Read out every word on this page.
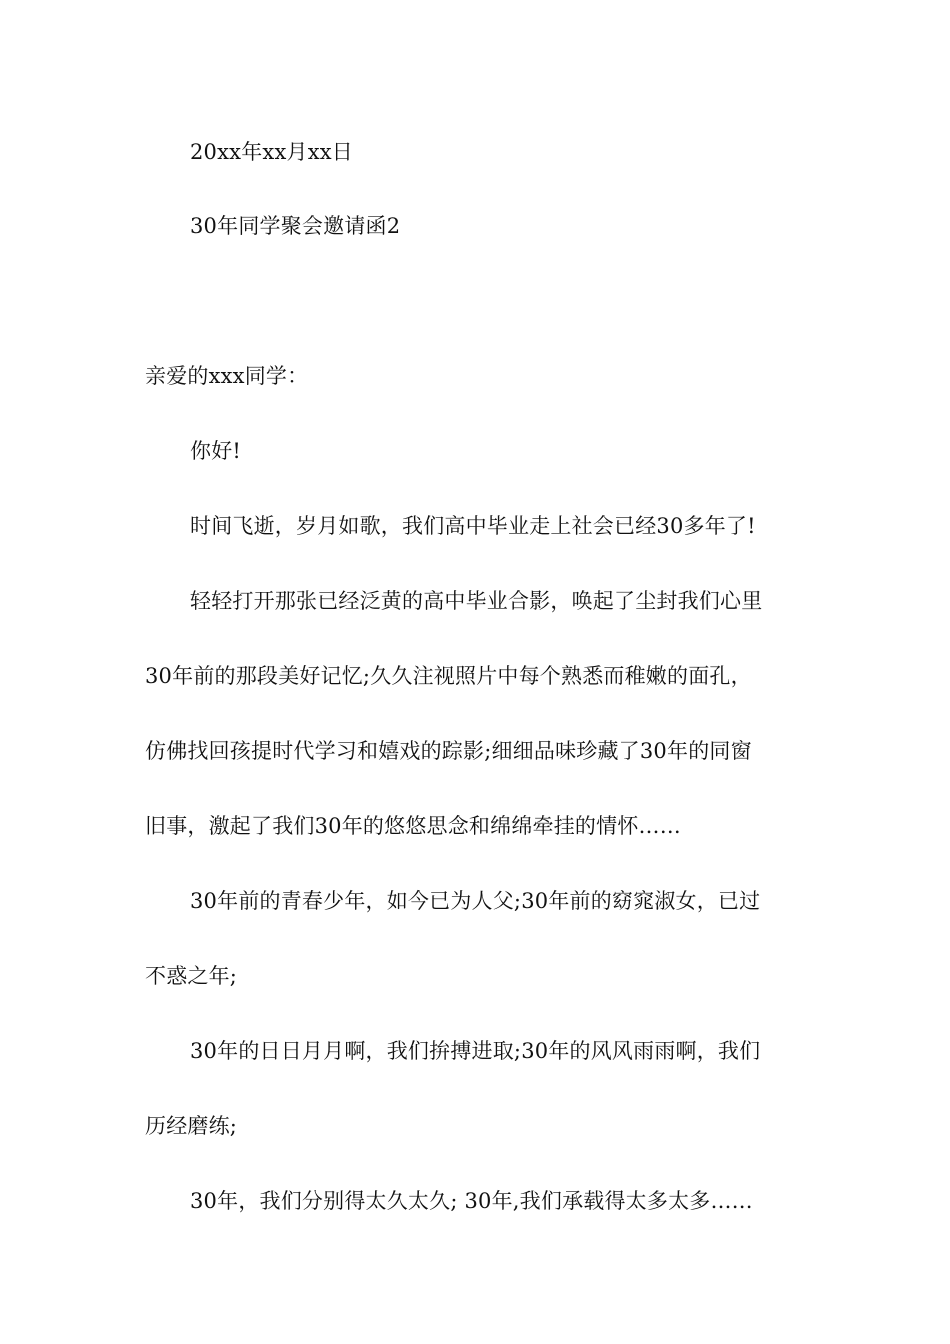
20xx年xx月xx日
30年同学聚会邀请函2
亲爱的xxx同学：
你好!
时间飞逝，岁月如歌，我们高中毕业走上社会已经30多年了!
轻轻打开那张已经泛黄的高中毕业合影，唤起了尘封我们心里
30年前的那段美好记忆;久久注视照片中每个熟悉而稚嫩的面孔，
仿佛找回孩提时代学习和嬉戏的踪影;细细品味珍藏了30年的同窗
旧事，激起了我们30年的悠悠思念和绵绵牵挂的情怀……
30年前的青春少年，如今已为人父;30年前的窈窕淑女，已过
不惑之年;
30年的日日月月啊，我们拚搏进取;30年的风风雨雨啊，我们
历经磨练;
30年，我们分别得太久太久; 30年,我们承载得太多太多……
